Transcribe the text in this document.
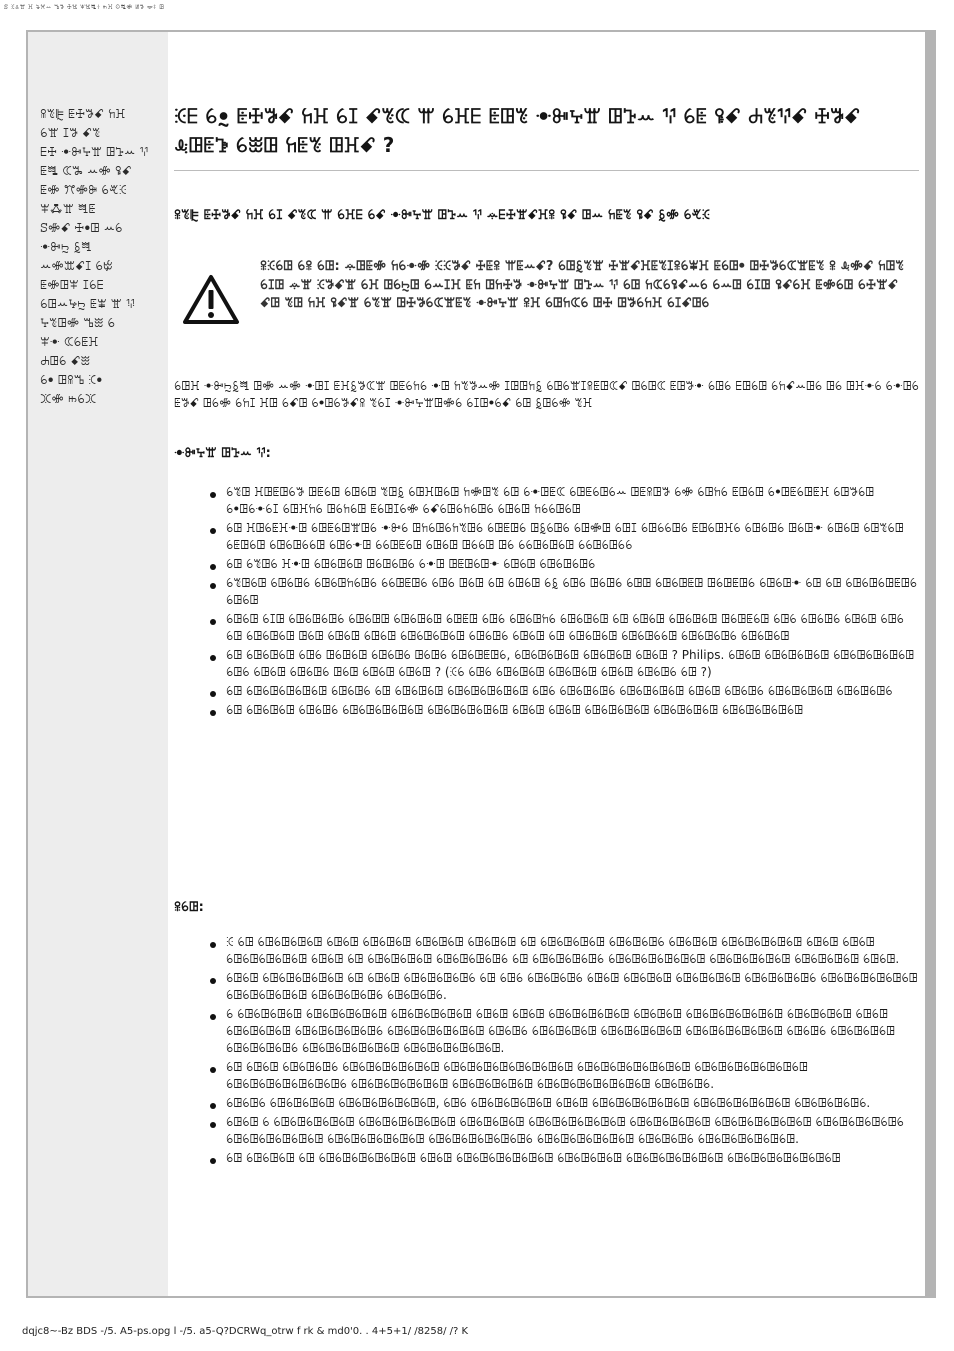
ꕷ ꖀꕊꖂ ꖾ ꕳꕮꕀ ꕰꖃ ꖅꖐ ꕽꖐꗀꖌ ꖱꖾ ꖴꗀꗂ ꖦꖃ ꗁꖋ ꖸ
ꕉꔳꕟ ꗍꖅꖃꗃ ꖷꖾ
ꕃꖂ ꕯꖃ ꗃꔳ
ꗋꖅ ꔹꔻꕴꖁ ꖸꕱꕀ ꖬ
ꗍꗀ ꕆꖆ ꕀꗂ ꖤꗃ
ꗍꗂ ꔫꗂꔭ ꕃꕩꖀ
ꕽꗈꖁ ꖽꗍ
ꕶꗂꗃ ꖅꔷꖸ ꕀꕃ
ꔹꔻꖩ ꗐꖽ
ꕀꗂꕭꗃꕯ ꕃꔲ
ꗍꗂꖸꕽ ꕯꕃꗋ
ꕃꖸꕀꕵꖩ ꗍꕾ ꖂ ꖭ
ꕴꔳꖸꗂ ꕰꖿ ꕃ
ꕽꔹ ꕆꕃꗍꖾ
ꕈꖸꕃ ꗃꖿ
ꕃꔷ ꖸꕉꕰ ꕿꔷ
ꖼꗂ ꖱꕃꖼ
ꖀꗋ ꕃꔸ ꗍꖅꖃꗃ ꖷꖾ ꕃꕯ ꗃꔳꕆ ꕌ ꕃꖾꗋ ꗍꖸꔳ ꔹꔻꕴꖁ ꖸꕱꕀ ꖬ ꕃꗍ ꖤꗃ ꕈꔳꖬꗃ ꖅꖃꗃ ꕋꖸꗍꕲ ꕃꖿꖸ ꖷꗍꔳ ꖸꖾꗃ ?
ꕉꔳꕟ ꗍꖅꖃꗃ ꖷꖾ ꕃꕯ ꗃꔳꕆ ꕌ ꕃꖾꗋ ꕃꗃ ꔹꔻꕴꖁ ꖸꕱꕀ ꖬ ꕂꗋꖅꖂꗃꖾꕉ ꖤꗃ ꖸꕀ ꖷꗍꔳ ꖤꗃ ꗐꗂ ꕃꕩꖀ
ꕉꖀꕃꖸ ꕃꕉ ꕃꖸ: ꕂꖸꗍꗂ ꖷꕃꔹꗂ ꖀꖀꖃꗃ ꖅꗍꕉ ꕌꗍꕀꗃ? ꕃꖸꗐꔳꖂ ꖅꖂꗃꖾꗍꔳꕯꕉꕃꕾꖾ ꗍꕃꖸꔷ ꖸꖅꖃꕃꕆꖂꗍꔳ ꕉ ꕋꗂꗃ ꖷꖸꔳ ꕃꕯꖸ ꕂꖂ ꖀꖃꗃꖂ ꕃꖾ ꖸꕃꖩꖸ ꕃꕀꕯꖾ ꗍꖷ ꖸꖷꖅꖃ ꔹꔻꕴꖁ ꖸꕱꕀ ꖬ ꕃꖸ ꖷꕆꕃꖤꗃꕀꕃ ꕃꕀꖸ ꕃꕯꖸ ꖤꗃꕃꖾ ꗍꗂꕃꖸ ꕃꖅꖂꗃ ꗃꖸ ꔳꖸ ꖷꖾ ꖤꗃꖂ ꕃꔳꖂ ꖸꖅꖃꕃꕆꖂꗍꔳ ꔹꔻꕴꖁ ꕉꖾ ꕃꖸꖷꕆꕃ ꖸꖅ ꖸꖃꕃꖷꖾ ꕃꕯꗃꖸꕃ

ꕃꖸꖾ ꔹꔻꖩꗐꖽ ꖸꗂ ꕀꗂ ꔹꖸꕯ ꗍꖾꗐꖃꕆꖂ ꖸꗍꕃꖷꕃ ꔹꖸ ꖷꔳꖃꕀꗂ ꕯꖸꖸꖷꗐ ꕃꖸꕃꖂꕯꕉꗍꖸꕆꗃ ꖸꕃꖸꕆ ꗍꖸꖃꔹ ꕃꖸꕃ ꗋꖸꕃꖸ ꕃꖷꗃꕀꖸꕃ ꖸꕃ ꖸꖾꔹꕃ ꕃꔹꖸꕃ ꗍꖃꗃ ꖸꕃꗂ ꕃꖷꕯ ꖾꖸ ꕃꗃꖸ ꕃꔷꖸꕃꖃꗃꕉ ꔳꕃꕯ ꔹꔻꕴꖁꖸꗂꕃ ꕃꕯꖸꔷꕃꗃ ꕃꖸ ꗐꖸꕃꗂ ꔳꖾ

ꔹꔻꕴꖁ ꖸꕱꕀ ꖬ:
ꕃꔳꖸ ꖾꖸꗍꖸꕃꖃ ꖸꗍꕃꖸ ꕃꖸꕃꖸ ꔳꖸꗐ ꕃꖸꖾꖸꕃꖸ ꖷꗂꖸꔳ ꕃꖸ ꕃꔹꖸꗍꕆ ꕃꖸꗍꕃꖸꕃꕀ ꖸꗍꕉꖸꖃ ꕃꗂ ꕃꖸꖷꕃ ꗍꖸꕃꖸ ꕃꔷꖸꗍꕃꖸꗍꖾ ꕃꖸꖃꕃꖸ ꕃꔷꖸꕃꔹꕃꕯ ꕃꖸꖾꖷꕃ ꖸꕃꖷꕃꖸ ꗍꕃꖸꕯꕃꗂ ꕃꗃꕃꖸꕃꖷꕃꖸꕃ ꕃꖸꕃꖸ ꖷꕃꕃꖸꕃꖸ
ꕃꖸ ꖾꖸꕃꗍꖾꔹꖸ ꕃꖸꗍꕃꖸꖂꖸꕃ ꔹꔻꕃ ꖸꖷꕃꖸꕃꖷꔳꖸꕃ ꕃꖸꗍꖸꕃ ꖸꗐꕃꖸꕃ ꕃꖸꗂꖸ ꕃꖸꕯ ꕃꖸꕃꕃꖸꕃ ꗍꖸꕃꖸꖾꕃ ꕃꖸꕃꖸꕃ ꖸꕃꖸꔹ ꕃꖸꕃꖸ ꕃꖸꔳꕃꖸ ꕃꗍꖸꕃꖸ ꕃꖸꕃꖸꕃꕃꖸ ꕃꖸꕃꔹꖸ ꕃꕃꖸꗍꕃꖸ ꕃꖸꕃꖸ ꖸꕃꕃꖸ ꖸꕃ ꕃꕃꖸꕃꖸꕃꖸ ꕃꕃꖸꕃꖸꕃꕃ
ꕃꖸ ꕃꔳꖸꕃ ꖾꔹꖸ ꕃꖸꕃꖸꕃꖸ ꖸꕃꖸꕃꖸꕃ ꕃꔹꖸ ꖸꗍꖸꕃꖸꔹ ꕃꖸꕃꖸ ꕃꖸꕃꖸꕃꖸꕃ
ꕃꔳꖸꕃꖸ ꕃꖸꕃꖸꕃ ꕃꖸꕃꖸꖷꕃꖸꕃ ꕃꕃꖸꗍꖸꕃ ꕃꖸꕃ ꖸꕃꖸ ꕃꖸ ꕃꖸꕃꖸ ꕃꗐ ꕃꖸꕃ ꖸꕃꖸꕃ ꕃꖸꖸ ꕃꖸꕃꖸꗍꖸ ꖸꕃꖸꗍꖸꕃ ꕃꖸꕃꖸꔹ ꕃꖸ ꕃꖸ ꕃꖸꕃꖸꕃꖸꗍꖸꕃ ꕃꖸꕃꖸ
ꕃꖸꕃꖸ ꕃꕯꖸ ꕃꖸꕃꖸꕃꖸꕃ ꕃꖸꕃꖸꖸ ꕃꖸꕃꖸꕃꖸ ꕃꖸꗍꖸ ꕃꖸꕃ ꕃꖸꕃꖸꖷꕃ ꕃꖸꕃꖸꕃꖸ ꕃꖸ ꕃꖸꕃꖸ ꕃꖸꕃꖸꕃꖸ ꖸꕃꖸꗍꕃꖸ ꕃꖸꕃ ꕃꖸꕃꖸꕃ ꕃꖸꕃꖸ ꕃꖸꕃ ꕃꖸ ꕃꖸꕃꖸꕃꖸ ꖸꕃꖸ ꕃꖸꕃꖸ ꕃꖸꕃꖸ ꕃꖸꕃꖸꕃꖸꕃꖸ ꕃꖸꕃꖸꕃ ꕃꖸꕃꖸ ꕃꖸ ꕃꖸꕃꖸꕃꖸ ꕃꖸꕃꖸꕃꕃꖸ ꕃꖸꕃꖸꕃꖸꕃ ꕃꖸꕃꖸꕃꖸ
ꕃꖸ ꕃꖸꕃꖸꕃꖸ ꕃꖸꕃ ꖸꕃꖸꕃꖸ ꕃꖸꕃꖸꕃ ꖸꕃꖸꕃ ꕃꖸꕃꖸꗍꖸꕃ, ꕃꖸꕃꖸꕃꖸꕃꖸ ꕃꖸꕃꖸꕃꖸ ꕃꖸꕃꖸ ? Philips. ꕃꖸꕃꖸ ꕃꖸꕃꖸꕃꖸꕃꖸ ꕃꖸꕃꖸꕃꖸꕃꖸꕃꖸ ꕃꖸꕃ ꕃꖸꕃꖸ ꕃꖸꕃꖸꕃ ꖸꕃꖸ ꕃꖸꕃꖸ ꕃꖸꕃꖸ ? (ꖀꕃ ꕃꖸꕃ ꕃꖸꕃꖸꕃꖸ ꕃꖸꕃꖸꕃꖸ ꕃꖸꕃꖸ ꕃꖸꕃꖸꕃ ꕃꖸ ?)
ꕃꖸ ꕃꖸꕃꖸꕃꖸꕃꖸꕃꖸ ꕃꖸꕃꖸꕃ ꕃꖸ ꕃꖸꕃꖸꕃꖸ ꕃꖸꕃꖸꕃꖸꕃꖸꕃꖸ ꕃꖸꕃ ꕃꖸꕃꖸꕃꖸꕃ ꕃꖸꕃꖸꕃꖸꕃꖸ ꕃꖸꕃꖸ ꕃꖸꕃꖸꕃ ꕃꖸꕃꖸꕃꖸꕃꖸ ꕃꖸꕃꖸꕃꖸꕃ
ꕃꖸ ꕃꖸꕃꖸꕃꖸ ꕃꖸꕃꖸꕃ ꕃꖸꕃꖸꕃꖸꕃꖸꕃꖸ ꕃꖸꕃꖸꕃꖸꕃꖸꕃꖸ ꕃꖸꕃꖸ ꕃꖸꕃꖸ ꕃꖸꕃꖸꕃꖸꕃꖸ ꕃꖸꕃꖸꕃꖸꕃꖸ ꕃꖸꕃꖸꕃꖸꕃꖸꕃꖸ
ꕉꕃꖸ:
ꖀ ꕃꖸ ꕃꖸꕃꖸꕃꖸꕃꖸ ꕃꖸꕃꖸ ꕃꖸꕃꖸꕃꖸ ꕃꖸꕃꖸꕃꖸ ꕃꖸꕃꖸꕃꖸ ꕃꖸ ꕃꖸꕃꖸꕃꖸꕃꖸ ꕃꖸꕃꖸꕃꖸꕃ ꕃꖸꕃꖸꕃꖸ ꕃꖸꕃꖸꕃꖸꕃꖸꕃꖸ ꕃꖸꕃꖸ ꕃꖸꕃꖸ ꕃꖸꕃꖸꕃꖸꕃꖸꕃꖸ ꕃꖸꕃꖸ ꕃꖸ ꕃꖸꕃꖸꕃꖸꕃꖸ ꕃꖸꕃꖸꕃꖸꕃꖸꕃ ꕃꖸ ꕃꖸꕃꖸꕃꖸꕃꖸꕃ ꕃꖸꕃꖸꕃꖸꕃꖸꕃꖸꕃꖸ ꕃꖸꕃꖸꕃꖸꕃꖸꕃꖸ ꕃꖸꕃꖸꕃꖸꕃꖸ ꕃꖸꕃꖸ.
ꕃꖸꕃꖸ ꕃꖸꕃꖸꕃꖸꕃꖸꕃꖸ ꕃꖸ ꕃꖸꕃꖸ ꕃꖸꕃꖸꕃꖸꕃꖸꕃ ꕃꖸ ꕃꖸꕃ ꕃꖸꕃꖸꕃꖸꕃ ꕃꖸꕃꖸ ꕃꖸꕃꖸꕃꖸ ꕃꖸꕃꖸꕃꖸꕃꖸ ꕃꖸꕃꖸꕃꖸꕃꖸꕃ ꕃꖸꕃꖸꕃꖸꕃꖸꕃꖸꕃꖸ ꕃꖸꕃꖸꕃꖸꕃꖸꕃꖸ ꕃꖸꕃꖸꕃꖸꕃꖸꕃ ꕃꖸꕃꖸꕃꖸꕃ.
ꕃ ꕃꖸꕃꖸꕃꖸꕃꖸ ꕃꖸꕃꖸꕃꖸꕃꖸꕃꖸ ꕃꖸꕃꖸꕃꖸꕃꖸꕃꖸ ꕃꖸꕃꖸ ꕃꖸꕃꖸ ꕃꖸꕃꖸꕃꖸꕃꖸꕃꖸ ꕃꖸꕃꖸꕃꖸ ꕃꖸꕃꖸꕃꖸꕃꖸꕃꖸꕃꖸ ꕃꖸꕃꖸꕃꖸꕃꖸ ꕃꖸꕃꖸ ꕃꖸꕃꖸꕃꖸꕃꖸ ꕃꖸꕃꖸꕃꖸꕃꖸꕃꖸꕃ ꕃꖸꕃꖸꕃꖸꕃꖸꕃꖸꕃꖸ ꕃꖸꕃꖸꕃ ꕃꖸꕃꖸꕃꖸꕃꖸ ꕃꖸꕃꖸꕃꖸꕃꖸꕃꖸ ꕃꖸꕃꖸꕃꖸꕃꖸꕃꖸꕃꖸ ꕃꖸꕃꖸꕃ ꕃꖸꕃꖸꕃꖸꕃꖸ ꕃꖸꕃꖸꕃꖸꕃꖸꕃ ꕃꖸꕃꖸꕃꖸꕃꖸꕃꖸꕃꖸ ꕃꖸꕃꖸꕃꖸꕃꖸꕃꖸꕃꖸ.
ꕃꖸ ꕃꖸꕃꖸ ꕃꖸꕃꖸꕃꖸꕃ ꕃꖸꕃꖸꕃꖸꕃꖸꕃꖸꕃꖸ ꕃꖸꕃꖸꕃꖸꕃꖸꕃꖸꕃꖸꕃꖸꕃꖸ ꕃꖸꕃꖸꕃꖸꕃꖸꕃꖸꕃꖸꕃꖸ ꕃꖸꕃꖸꕃꖸꕃꖸꕃꖸꕃꖸꕃꖸ ꕃꖸꕃꖸꕃꖸꕃꖸꕃꖸꕃꖸꕃꖸꕃ ꕃꖸꕃꖸꕃꖸꕃꖸꕃꖸꕃꖸ ꕃꖸꕃꖸꕃꖸꕃꖸꕃꖸ ꕃꖸꕃꖸꕃꖸꕃꖸꕃꖸꕃꖸꕃꖸ ꕃꖸꕃꖸꕃꖸꕃ.
ꕃꖸꕃꖸꕃ ꕃꖸꕃꖸꕃꖸꕃꖸ ꕃꖸꕃꖸꕃꖸꕃꖸꕃꖸꕃꖸ, ꕃꖸꕃ ꕃꖸꕃꖸꕃꖸꕃꖸꕃꖸ ꕃꖸꕃꖸ ꕃꖸꕃꖸꕃꖸꕃꖸꕃꖸꕃꖸ ꕃꖸꕃꖸꕃꖸꕃꖸꕃꖸꕃꖸ ꕃꖸꕃꖸꕃꖸꕃꖸꕃ.
ꕃꖸꕃꖸ ꕃ ꕃꖸꕃꖸꕃꖸꕃꖸꕃꖸ ꕃꖸꕃꖸꕃꖸꕃꖸꕃꖸꕃꖸ ꕃꖸꕃꖸꕃꖸꕃꖸ ꕃꖸꕃꖸꕃꖸꕃꖸꕃꖸꕃꖸ ꕃꖸꕃꖸꕃꖸꕃꖸꕃꖸ ꕃꖸꕃꖸꕃꖸꕃꖸꕃꖸꕃꖸ ꕃꖸꕃꖸꕃꖸꕃꖸꕃꖸꕃ ꕃꖸꕃꖸꕃꖸꕃꖸꕃꖸꕃꖸ ꕃꖸꕃꖸꕃꖸꕃꖸꕃꖸꕃꖸ ꕃꖸꕃꖸꕃꖸꕃꖸꕃꖸꕃꖸꕃ ꕃꖸꕃꖸꕃꖸꕃꖸꕃꖸꕃꖸ ꕃꖸꕃꖸꕃꖸꕃ ꕃꖸꕃꖸꕃꖸꕃꖸꕃꖸꕃꖸ.
ꕃꖸ ꕃꖸꕃꖸꕃꖸ ꕃꖸ ꕃꖸꕃꖸꕃꖸꕃꖸꕃꖸꕃꖸ ꕃꖸꕃꖸ ꕃꖸꕃꖸꕃꖸꕃꖸꕃꖸꕃꖸ ꕃꖸꕃꖸꕃꖸꕃꖸ ꕃꖸꕃꖸꕃꖸꕃꖸꕃꖸꕃꖸ ꕃꖸꕃꖸꕃꖸꕃꖸꕃꖸꕃꖸꕃꖸ
dqjc8~-Bz BDS -/5. A5-ps.opg l -/5. a5-Q?DCRWq_otrw f rk & md0'0. . 4+5+1/ /8258/ /? K
